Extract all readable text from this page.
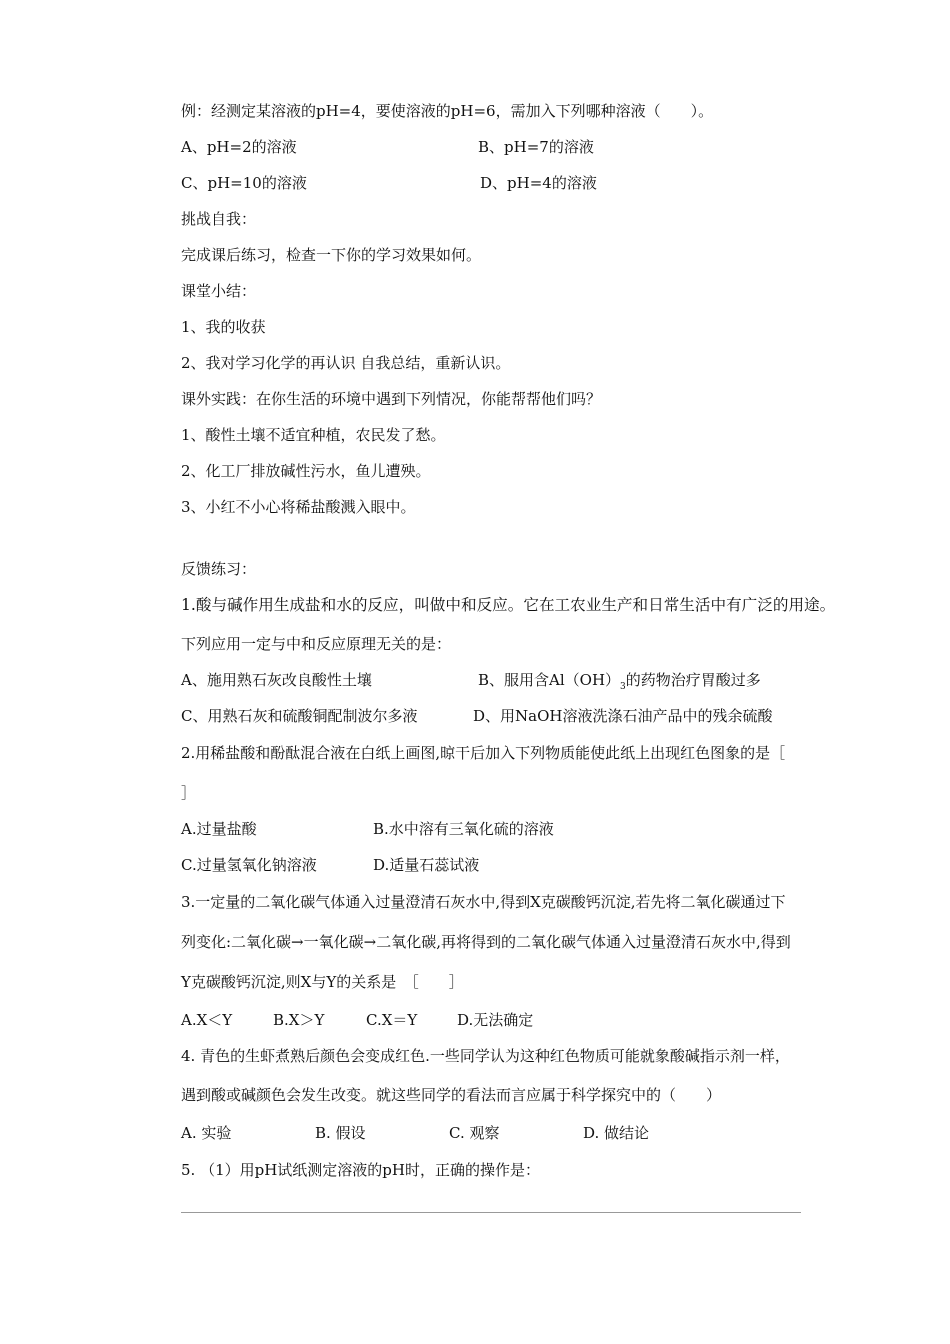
例：经测定某溶液的pH=4，要使溶液的pH=6，需加入下列哪种溶液（　　）。
A、pH=2的溶液	B、pH=7的溶液
C、pH=10的溶液	D、pH=4的溶液
挑战自我：
完成课后练习，检查一下你的学习效果如何。
课堂小结：
1、我的收获
2、我对学习化学的再认识 自我总结，重新认识。
课外实践：在你生活的环境中遇到下列情况，你能帮帮他们吗？
1、酸性土壤不适宜种植，农民发了愁。
2、化工厂排放碱性污水，鱼儿遭殃。
3、小红不小心将稀盐酸溅入眼中。
反馈练习：
1.酸与碱作用生成盐和水的反应，叫做中和反应。它在工农业生产和日常生活中有广泛的用途。
下列应用一定与中和反应原理无关的是：
A、施用熟石灰改良酸性土壤	B、服用含$Al(OH)_3$的药物治疗胃酸过多
C、用熟石灰和硫酸铜配制波尔多液	D、用NaOH溶液洗涤石油产品中的残余硫酸
2.用稀盐酸和酚酞混合液在白纸上画图,晾干后加入下列物质能使此纸上出现红色图象的是［
］
A.过量盐酸	B.水中溶有三氧化硫的溶液
C.过量氢氧化钠溶液	D.适量石蕊试液
3.一定量的二氧化碳气体通入过量澄清石灰水中,得到X克碳酸钙沉淀,若先将二氧化碳通过下
列变化:二氧化碳→一氧化碳→二氧化碳,再将得到的二氧化碳气体通入过量澄清石灰水中,得到
Y克碳酸钙沉淀,则X与Y的关系是　［　　］
A.X＜Y	B.X＞Y	C.X＝Y	D.无法确定
4. 青色的生虾煮熟后颜色会变成红色.一些同学认为这种红色物质可能就象酸碱指示剂一样，
遇到酸或碱颜色会发生改变。就这些同学的看法而言应属于科学探究中的（　　）
A. 实验	B. 假设	C. 观察	D. 做结论
5. （1）用pH试纸测定溶液的pH时，正确的操作是：
